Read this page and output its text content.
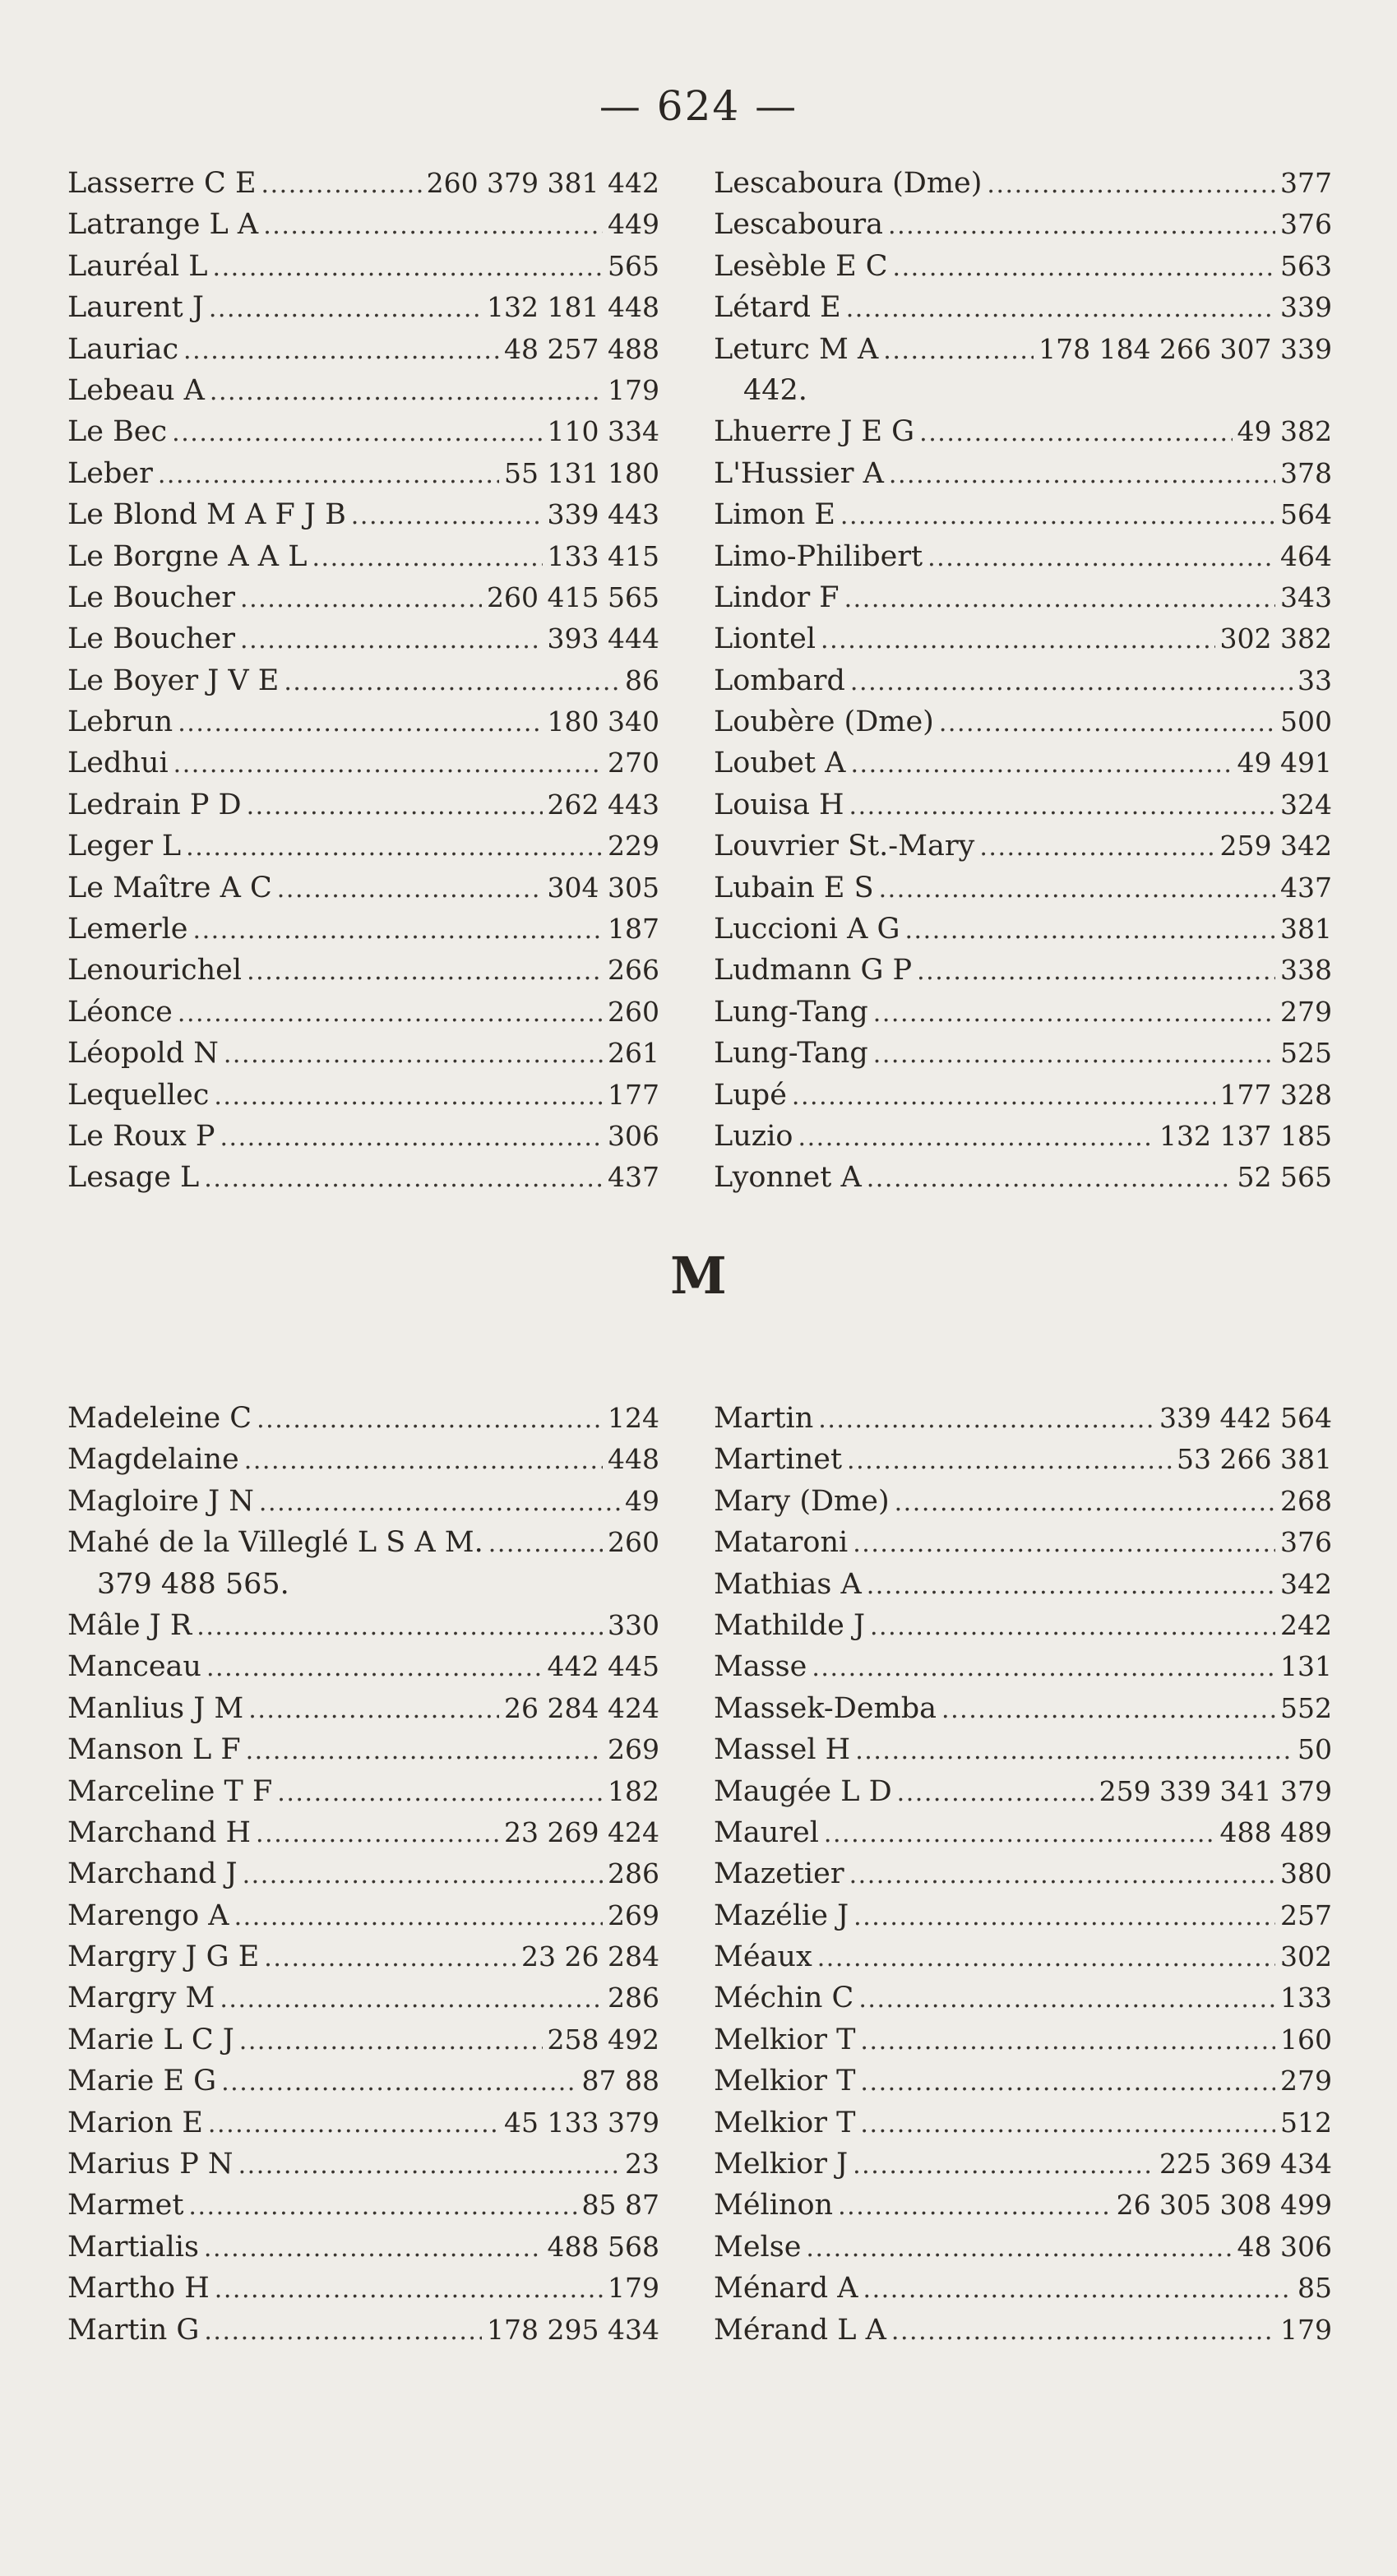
— 624 —
Lasserre C E . . .	260 379 381 442
Latrange L A . . .	449
Lauréal L . . .	565
Laurent J . . .	132 181 448
Lauriac . . .	48 257 488
Lebeau A . . .	179
Le Bec . . .	110 334
Leber . . .	55 131 180
Le Blond M A F J B . . .	339 443
Le Borgne A A L . . .	133 415
Le Boucher . . .	260 415 565
Le Boucher . . .	393 444
Le Boyer J V E . . .	86
Lebrun . . .	180 340
Ledhui . . .	270
Ledrain P D . . .	262 443
Leger L . . .	229
Le Maître A C . . .	304 305
Lemerle . . .	187
Lenourichel . . .	266
Léonce . . .	260
Léopold N . . .	261
Lequellec . . .	177
Le Roux P . . .	306
Lesage L . . .	437
Lescaboura (Dme) . . .	377
Lescaboura . . .	376
Lesèble E C . . .	563
Létard E . . .	339
Leturc M A . . .	178 184 266 307 339
442.
Lhuerre J E G . . .	49 382
L'Hussier A . . .	378
Limon E . . .	564
Limo-Philibert . . .	464
Lindor F . . .	343
Liontel . . .	302 382
Lombard . . .	33
Loubère (Dme) . . .	500
Loubet A . . .	49 491
Louisa H . . .	324
Louvrier St.-Mary . . .	259 342
Lubain E S . . .	437
Luccioni A G . . .	381
Ludmann G P . . .	338
Lung-Tang . . .	279
Lung-Tang . . .	525
Lupé . . .	177 328
Luzio . . .	132 137 185
Lyonnet A . . .	52 565
M
Madeleine C . . .	124
Magdelaine . . .	448
Magloire J N . . .	49
Mahé de la Villeglé L S A M. . . .	260
379 488 565.
Mâle J R . . .	330
Manceau . . .	442 445
Manlius J M . . .	26 284 424
Manson L F . . .	269
Marceline T F . . .	182
Marchand H . . .	23 269 424
Marchand J . . .	286
Marengo A . . .	269
Margry J G E . . .	23 26 284
Margry M . . .	286
Marie L C J . . .	258 492
Marie E G . . .	87 88
Marion E . . .	45 133 379
Marius P N . . .	23
Marmet . . .	85 87
Martialis . . .	488 568
Martho H . . .	179
Martin G . . .	178 295 434
Martin . . .	339 442 564
Martinet . . .	53 266 381
Mary (Dme) . . .	268
Mataroni . . .	376
Mathias A . . .	342
Mathilde J . . .	242
Masse . . .	131
Massek-Demba . . .	552
Massel H . . .	50
Maugée L D . . .	259 339 341 379
Maurel . . .	488 489
Mazetier . . .	380
Mazélie J . . .	257
Méaux . . .	302
Méchin C . . .	133
Melkior T . . .	160
Melkior T . . .	279
Melkior T . . .	512
Melkior J . . .	225 369 434
Mélinon . . .	26 305 308 499
Melse . . .	48 306
Ménard A . . .	85
Mérand L A . . .	179
